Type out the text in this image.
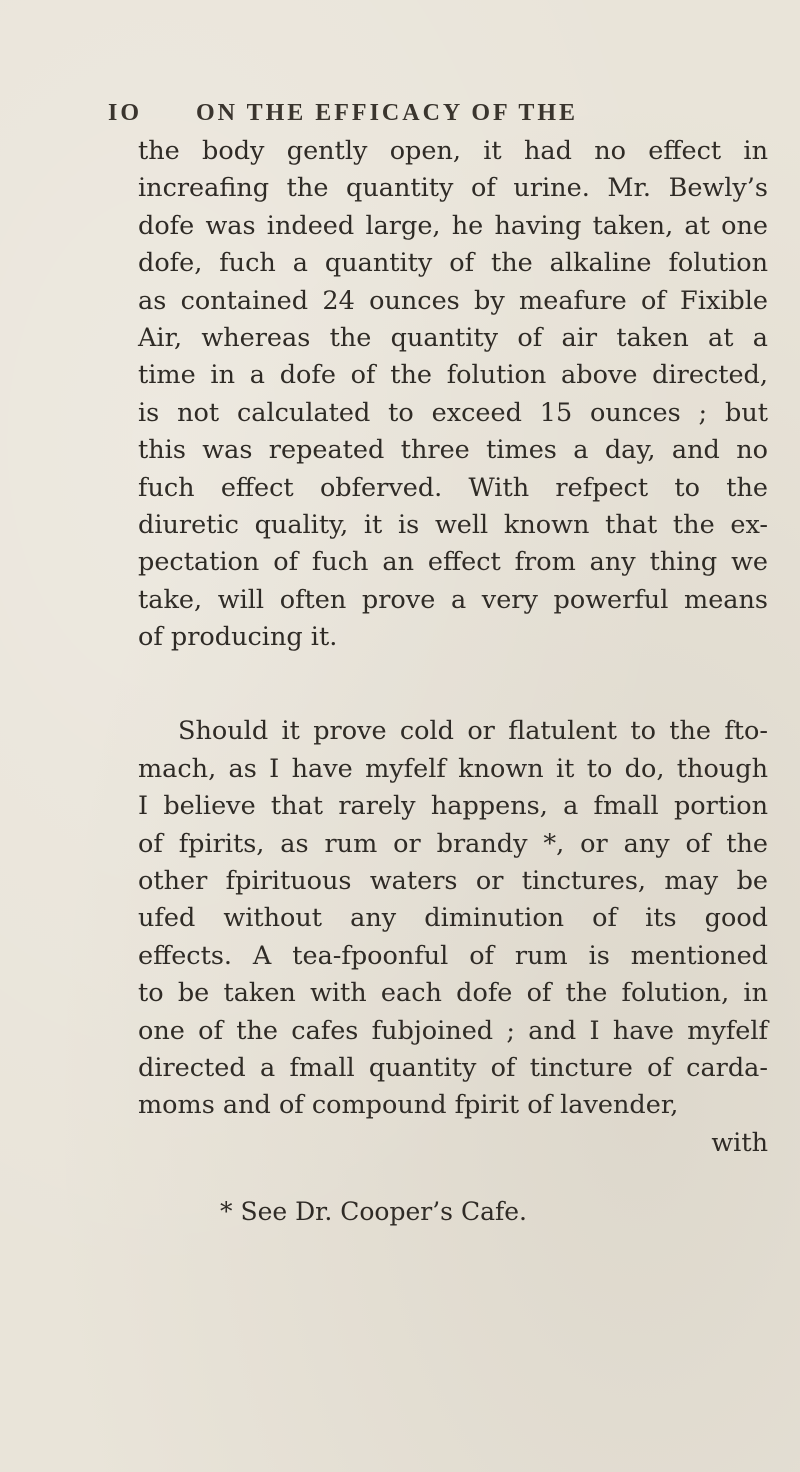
IO ON THE EFFICACY OF THE
the body gently open, it had no effect in
increafing the quantity of urine. Mr. Bewly’s
dofe was indeed large, he having taken, at one
dofe, fuch a quantity of the alkaline folution
as contained 24 ounces by meafure of Fixible
Air, whereas the quantity of air taken at a
time in a dofe of the folution above directed,
is not calculated to exceed 15 ounces ; but
this was repeated three times a day, and no
fuch effect obferved. With refpect to the
diuretic quality, it is well known that the ex-
pectation of fuch an effect from any thing we
take, will often prove a very powerful means
of producing it.
Should it prove cold or flatulent to the fto-
mach, as I have myfelf known it to do, though
I believe that rarely happens, a fmall portion
of fpirits, as rum or brandy *, or any of the
other fpirituous waters or tinctures, may be
ufed without any diminution of its good
effects. A tea-fpoonful of rum is mentioned
to be taken with each dofe of the folution, in
one of the cafes fubjoined ; and I have myfelf
directed a fmall quantity of tincture of carda-
moms and of compound fpirit of lavender,
with
* See Dr. Cooper’s Cafe.
